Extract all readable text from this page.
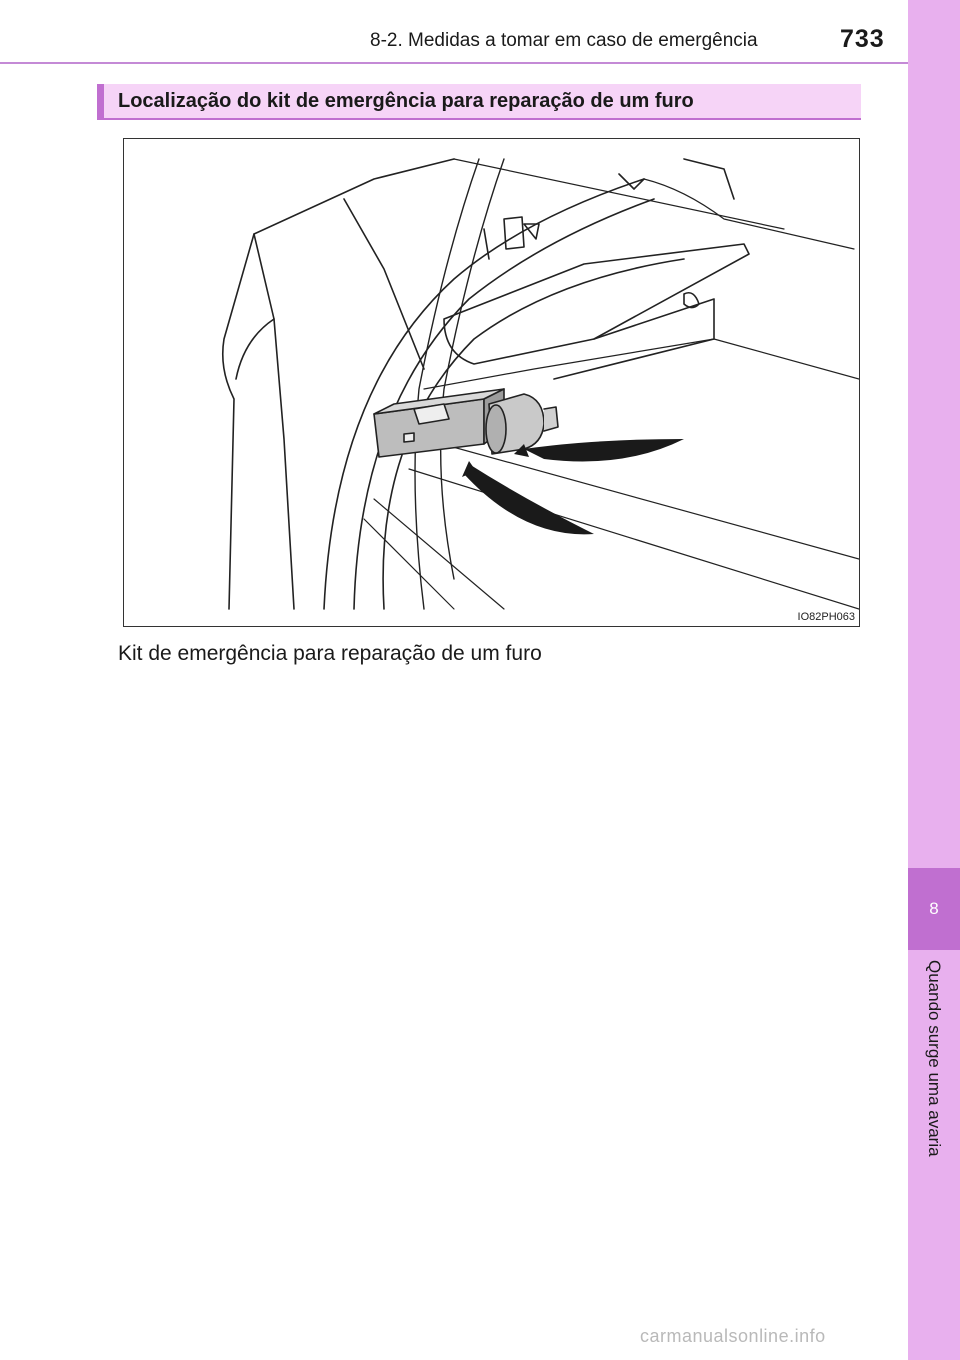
8-2. Medidas a tomar em caso de emergência	733
8
Quando surge uma avaria
Localização do kit de emergência para reparação de um furo
IO82PH063
Kit de emergência para reparação de um furo
carmanualsonline.info
